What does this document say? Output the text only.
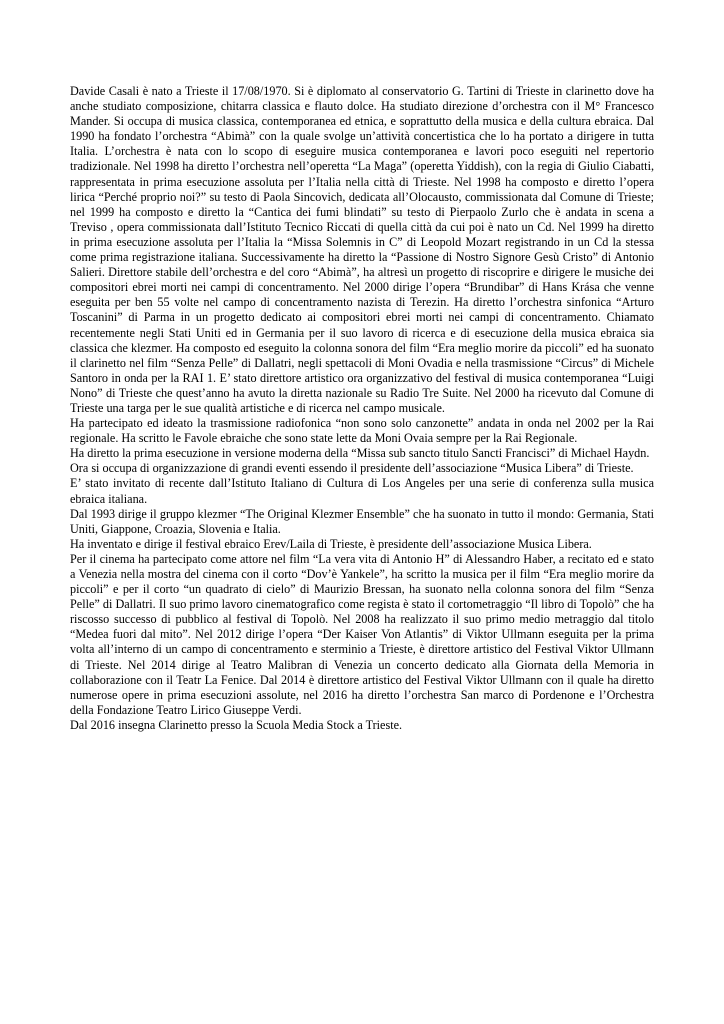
Davide Casali è nato a Trieste il 17/08/1970. Si è diplomato al conservatorio G. Tartini di Trieste in clarinetto dove ha anche studiato composizione, chitarra classica e flauto dolce. Ha studiato direzione d’orchestra con il M° Francesco Mander. Si occupa di musica classica, contemporanea ed etnica, e soprattutto della musica e della cultura ebraica. Dal 1990 ha fondato l’orchestra “Abimà” con la quale svolge un’attività concertistica che lo ha portato a dirigere in tutta Italia. L’orchestra è nata con lo scopo di eseguire musica contemporanea e lavori poco eseguiti nel repertorio tradizionale. Nel 1998 ha diretto l’orchestra nell’operetta “La Maga” (operetta Yiddish), con la regia di Giulio Ciabatti, rappresentata in prima esecuzione assoluta per l’Italia nella città di Trieste. Nel 1998 ha composto e diretto l’opera lirica “Perché proprio noi?” su testo di Paola Sincovich, dedicata all’Olocausto, commissionata dal Comune di Trieste; nel 1999 ha composto e diretto la “Cantica dei fumi blindati” su testo di Pierpaolo Zurlo che è andata in scena a Treviso , opera commissionata dall’Istituto Tecnico Riccati di quella città da cui poi è nato un Cd. Nel 1999 ha diretto in prima esecuzione assoluta per l’Italia la “Missa Solemnis in C” di Leopold Mozart registrando in un Cd la stessa come prima registrazione italiana. Successivamente ha diretto la “Passione di Nostro Signore Gesù Cristo” di Antonio Salieri. Direttore stabile dell’orchestra e del coro “Abimà”, ha altresì un progetto di riscoprire e dirigere le musiche dei compositori ebrei morti nei campi di concentramento. Nel 2000 dirige l’opera “Brundibar” di Hans Krása che venne eseguita per ben 55 volte nel campo di concentramento nazista di Terezin. Ha diretto l’orchestra sinfonica “Arturo Toscanini” di Parma in un progetto dedicato ai compositori ebrei morti nei campi di concentramento. Chiamato recentemente negli Stati Uniti ed in Germania per il suo lavoro di ricerca e di esecuzione della musica ebraica sia classica che klezmer. Ha composto ed eseguito la colonna sonora del film “Era meglio morire da piccoli” ed ha suonato il clarinetto nel film “Senza Pelle” di Dallatri, negli spettacoli di Moni Ovadia e nella trasmissione “Circus” di Michele Santoro in onda per la RAI 1. E’ stato direttore artistico ora organizzativo del festival di musica contemporanea “Luigi Nono” di Trieste che quest’anno ha avuto la diretta nazionale su Radio Tre Suite. Nel 2000 ha ricevuto dal Comune di Trieste una targa per le sue qualità artistiche e di ricerca nel campo musicale.

Ha partecipato ed ideato la trasmissione radiofonica “non sono solo canzonette” andata in onda nel 2002 per la Rai regionale. Ha scritto le Favole ebraiche che sono state lette da Moni Ovaia sempre per la Rai Regionale.

Ha diretto la prima esecuzione in versione moderna della “Missa sub sancto titulo Sancti Francisci” di Michael Haydn.

Ora si occupa di organizzazione di grandi eventi essendo il presidente dell’associazione “Musica Libera” di Trieste.

E’ stato invitato di recente dall’Istituto Italiano di Cultura di Los Angeles per una serie di conferenza sulla musica ebraica italiana.

Dal 1993 dirige il gruppo klezmer “The Original Klezmer Ensemble” che ha suonato in tutto il mondo: Germania, Stati Uniti, Giappone, Croazia, Slovenia e Italia.

Ha inventato e dirige il festival ebraico Erev/Laila di Trieste, è presidente dell’associazione Musica Libera.

Per il cinema ha partecipato come attore nel film “La vera vita di Antonio H” di Alessandro Haber, a recitato ed e stato a Venezia nella mostra del cinema con il corto “Dov’è Yankele”, ha scritto la musica per il film “Era meglio morire da piccoli” e per il corto “un quadrato di cielo” di Maurizio Bressan, ha suonato nella colonna sonora del film “Senza Pelle” di Dallatri. Il suo primo lavoro cinematografico come regista è stato il cortometraggio “Il libro di Topolò” che ha riscosso successo di pubblico al festival di Topolò. Nel 2008 ha realizzato il suo primo medio metraggio dal titolo “Medea fuori dal mito”. Nel 2012 dirige l’opera “Der Kaiser Von Atlantis” di Viktor Ullmann eseguita per la prima volta all’interno di un campo di concentramento e sterminio a Trieste, è direttore artistico del Festival Viktor Ullmann di Trieste. Nel 2014 dirige al Teatro Malibran di Venezia un concerto dedicato alla Giornata della Memoria in collaborazione con il Teatr La Fenice. Dal 2014 è direttore artistico del Festival Viktor Ullmann con il quale ha diretto numerose opere in prima esecuzioni assolute, nel 2016 ha diretto l’orchestra San marco di Pordenone e l’Orchestra della Fondazione Teatro Lirico Giuseppe Verdi.

Dal 2016 insegna Clarinetto presso la Scuola Media Stock a Trieste.
